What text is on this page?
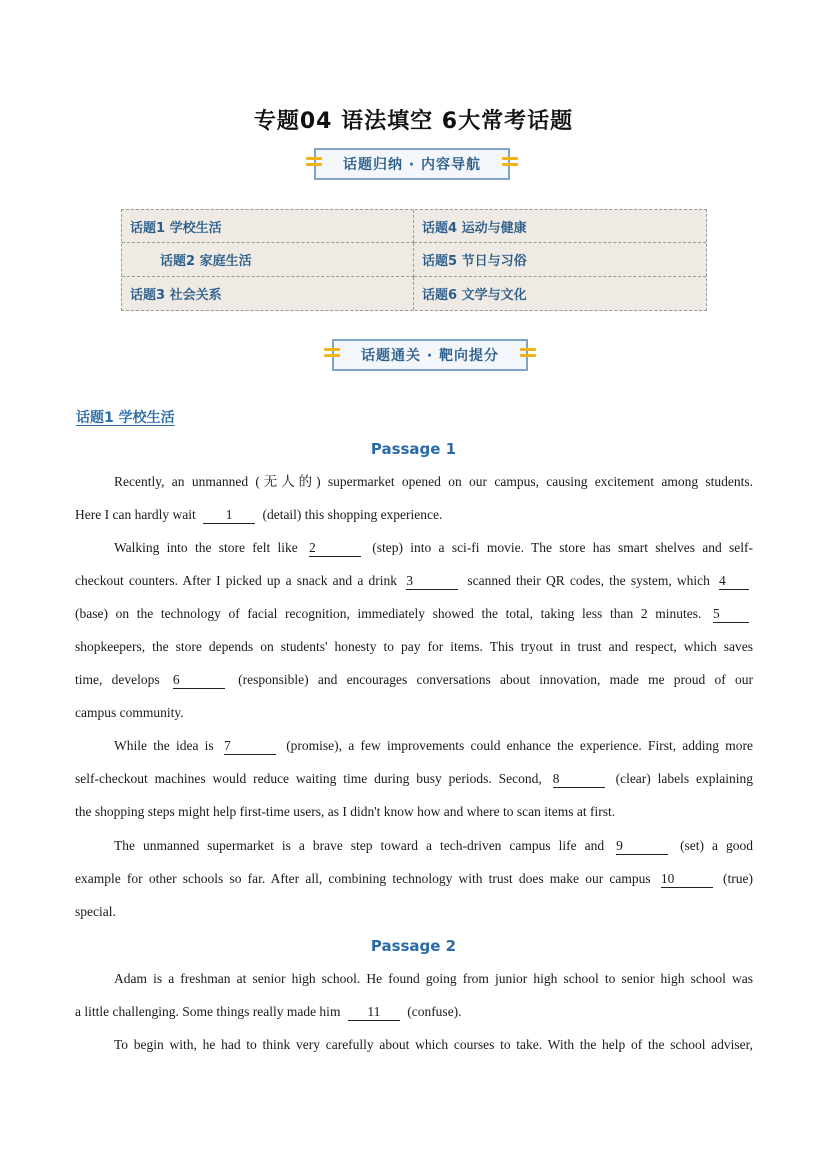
专题04 语法填空 6大常考话题
话题归纳 · 内容导航
话题1 学校生活	话题4 运动与健康
话题2 家庭生活	话题5 节日与习俗
话题3 社会关系	话题6 文学与文化
话题通关 · 靶向提分
话题1 学校生活
Passage 1
Recently, an unmanned (无人的) supermarket opened on our campus, causing excitement among students.
Here I can hardly wait 1 (detail) this shopping experience.
Walking into the store felt like 2	(step) into a sci-fi movie. The store has smart shelves and self-
checkout counters. After I picked up a snack and a drink 3	scanned their QR codes, the system, which 4
(base) on the technology of facial recognition, immediately showed the total, taking less than 2 minutes. 5
shopkeepers, the store depends on students' honesty to pay for items. This tryout in trust and respect, which saves
time, develops 6	(responsible) and encourages conversations about innovation, made me proud of our
campus community.
While the idea is 7	(promise), a few improvements could enhance the experience. First, adding more
self-checkout machines would reduce waiting time during busy periods. Second, 8	(clear) labels explaining
the shopping steps might help first-time users, as I didn't know how and where to scan items at first.
The unmanned supermarket is a brave step toward a tech-driven campus life and 9	(set) a good
example for other schools so far. After all, combining technology with trust does make our campus 10	(true)
special.
Passage 2
Adam is a freshman at senior high school. He found going from junior high school to senior high school was
a little challenging. Some things really made him 11 (confuse).
To begin with, he had to think very carefully about which courses to take. With the help of the school adviser,
